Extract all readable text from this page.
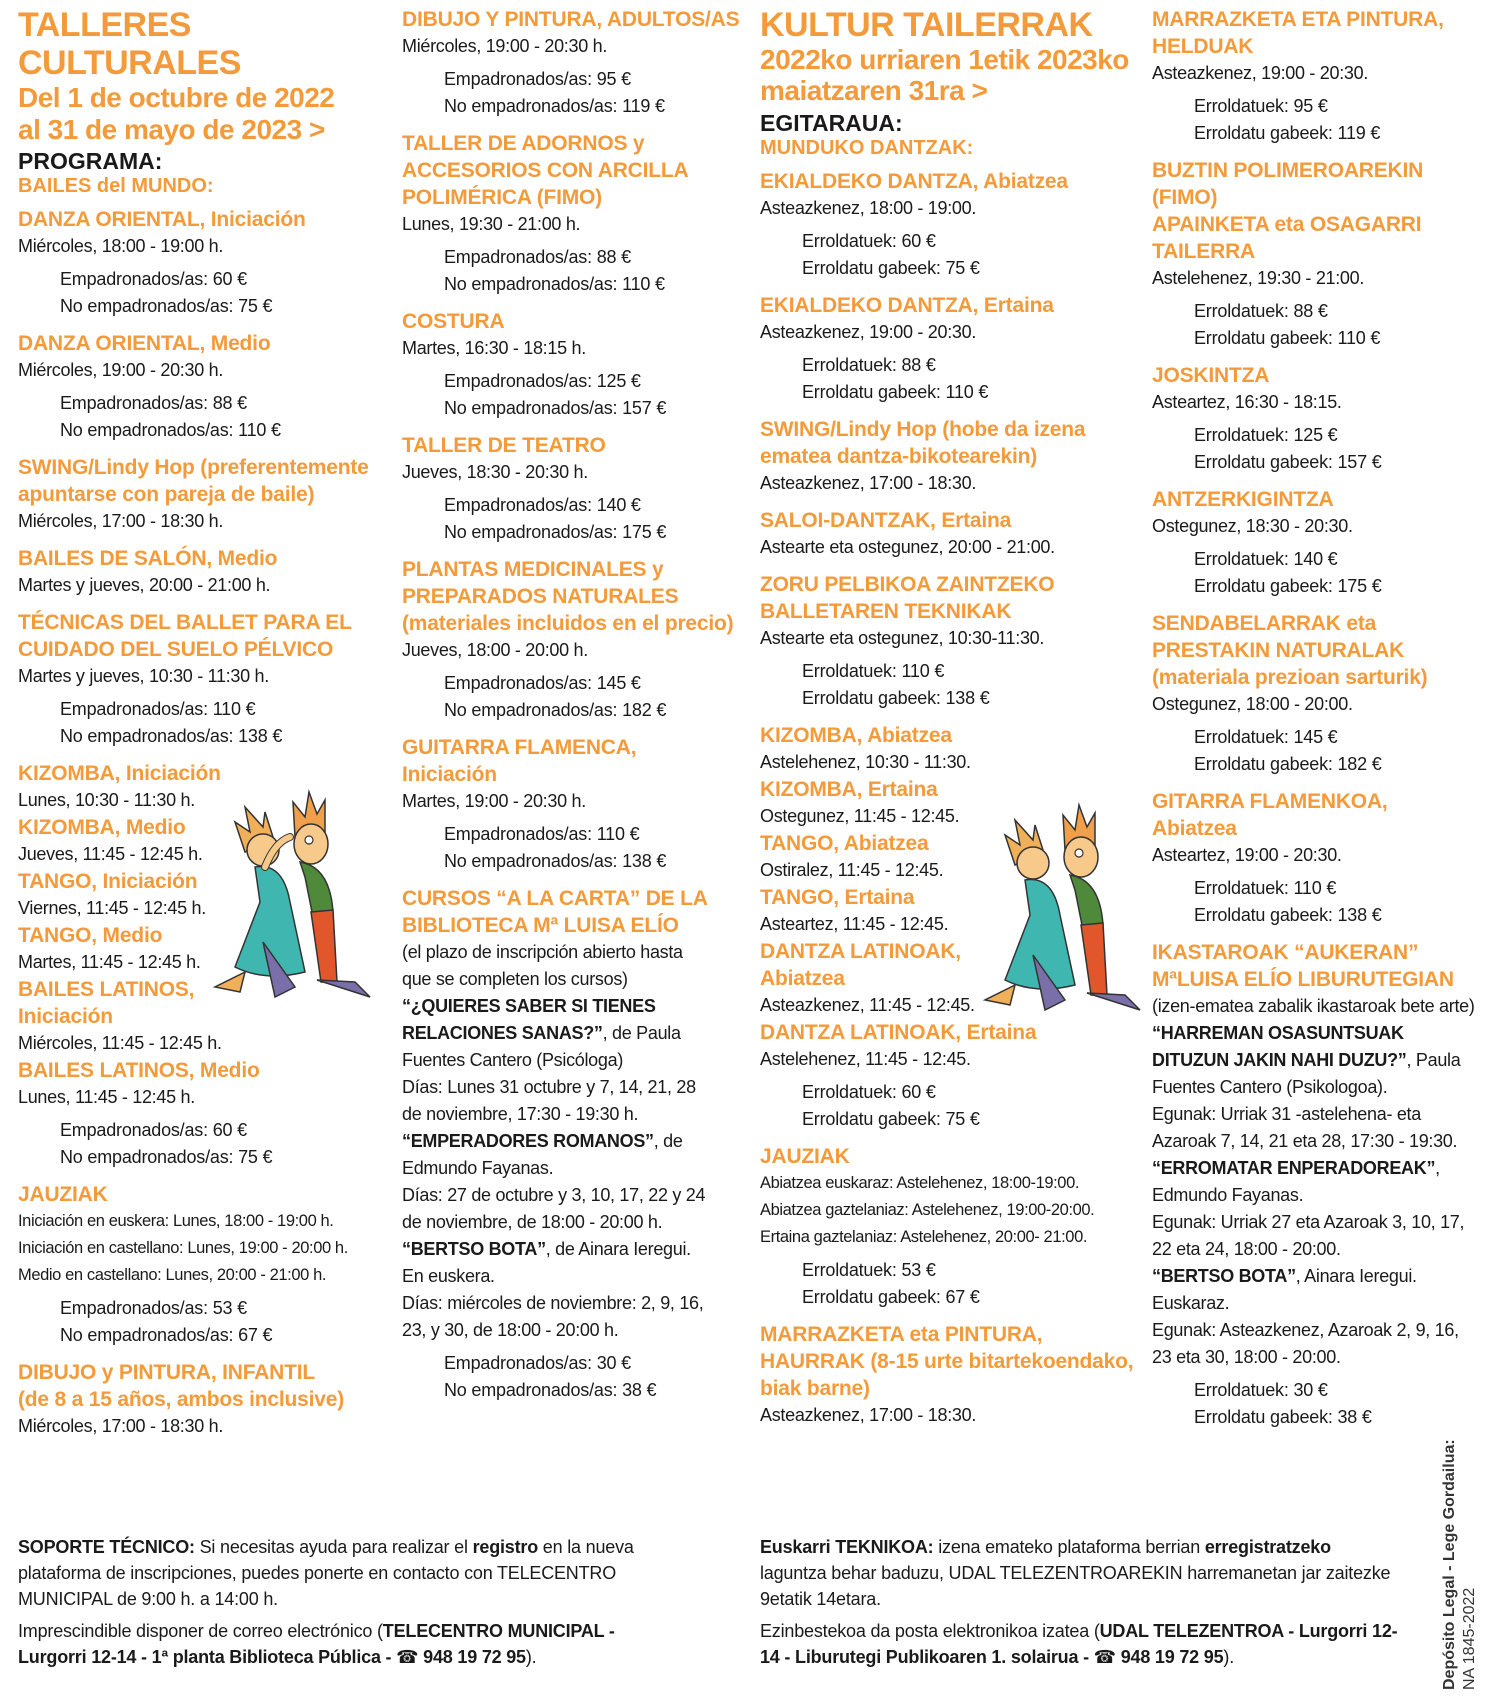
TALLERES CULTURALES
Del 1 de octubre de 2022
al 31 de mayo de 2023 >
PROGRAMA:
BAILES del MUNDO:
DANZA ORIENTAL, Iniciación
Miércoles, 18:00 - 19:00 h.
Empadronados/as: 60 €
No empadronados/as: 75 €
DANZA ORIENTAL, Medio
Miércoles, 19:00 - 20:30 h.
Empadronados/as: 88 €
No empadronados/as: 110 €
SWING/Lindy Hop (preferentemente
apuntarse con pareja de baile)
Miércoles, 17:00 - 18:30 h.
BAILES DE SALÓN, Medio
Martes y jueves, 20:00 - 21:00 h.
TÉCNICAS DEL BALLET PARA EL
CUIDADO DEL SUELO PÉLVICO
Martes y jueves, 10:30 - 11:30 h.
Empadronados/as: 110 €
No empadronados/as: 138 €
KIZOMBA, Iniciación
Lunes, 10:30 - 11:30 h.
KIZOMBA, Medio
Jueves, 11:45 - 12:45 h.
TANGO, Iniciación
Viernes, 11:45 - 12:45 h.
TANGO, Medio
Martes, 11:45 - 12:45 h.
BAILES LATINOS,
Iniciación
Miércoles, 11:45 - 12:45 h.
BAILES LATINOS, Medio
Lunes, 11:45 - 12:45 h.
Empadronados/as: 60 €
No empadronados/as: 75 €
JAUZIAK
Iniciación en euskera: Lunes, 18:00 - 19:00 h.
Iniciación en castellano: Lunes, 19:00 - 20:00 h.
Medio en castellano: Lunes, 20:00 - 21:00 h.
Empadronados/as: 53 €
No empadronados/as: 67 €
DIBUJO y PINTURA, INFANTIL
(de 8 a 15 años, ambos inclusive)
Miércoles, 17:00 - 18:30 h.
DIBUJO Y PINTURA, ADULTOS/AS
Miércoles, 19:00 - 20:30 h.
Empadronados/as: 95 €
No empadronados/as: 119 €
TALLER DE ADORNOS y
ACCESORIOS CON ARCILLA
POLIMÉRICA (FIMO)
Lunes, 19:30 - 21:00 h.
Empadronados/as: 88 €
No empadronados/as: 110 €
COSTURA
Martes, 16:30 - 18:15 h.
Empadronados/as: 125 €
No empadronados/as: 157 €
TALLER DE TEATRO
Jueves, 18:30 - 20:30 h.
Empadronados/as: 140 €
No empadronados/as: 175 €
PLANTAS MEDICINALES y
PREPARADOS NATURALES
(materiales incluidos en el precio)
Jueves, 18:00 - 20:00 h.
Empadronados/as: 145 €
No empadronados/as: 182 €
GUITARRA FLAMENCA,
Iniciación
Martes, 19:00 - 20:30 h.
Empadronados/as: 110 €
No empadronados/as: 138 €
CURSOS “A LA CARTA” DE LA
BIBLIOTECA Mª LUISA ELÍO
(el plazo de inscripción abierto hasta
que se completen los cursos)
“¿QUIERES SABER SI TIENES
RELACIONES SANAS?”, de Paula
Fuentes Cantero (Psicóloga)
Días: Lunes 31 octubre y 7, 14, 21, 28
de noviembre, 17:30 - 19:30 h.
“EMPERADORES ROMANOS”, de
Edmundo Fayanas.
Días: 27 de octubre y 3, 10, 17, 22 y 24
de noviembre, de 18:00 - 20:00 h.
“BERTSO BOTA”, de Ainara Ieregui.
En euskera.
Días: miércoles de noviembre: 2, 9, 16,
23, y 30, de 18:00 - 20:00 h.
Empadronados/as: 30 €
No empadronados/as: 38 €
KULTUR TAILERRAK
2022ko urriaren 1etik 2023ko
maiatzaren 31ra >
EGITARAUA:
MUNDUKO DANTZAK:
EKIALDEKO DANTZA, Abiatzea
Asteazkenez, 18:00 - 19:00.
Erroldatuek: 60 €
Erroldatu gabeek: 75 €
EKIALDEKO DANTZA, Ertaina
Asteazkenez, 19:00 - 20:30.
Erroldatuek: 88 €
Erroldatu gabeek: 110 €
SWING/Lindy Hop (hobe da izena
ematea dantza-bikotearekin)
Asteazkenez, 17:00 - 18:30.
SALOI-DANTZAK, Ertaina
Astearte eta ostegunez, 20:00 - 21:00.
ZORU PELBIKOA ZAINTZEKO
BALLETAREN TEKNIKAK
Astearte eta ostegunez, 10:30-11:30.
Erroldatuek: 110 €
Erroldatu gabeek: 138 €
KIZOMBA, Abiatzea
Astelehenez, 10:30 - 11:30.
KIZOMBA, Ertaina
Ostegunez, 11:45 - 12:45.
TANGO, Abiatzea
Ostiralez, 11:45 - 12:45.
TANGO, Ertaina
Asteartez, 11:45 - 12:45.
DANTZA LATINOAK,
Abiatzea
Asteazkenez, 11:45 - 12:45.
DANTZA LATINOAK, Ertaina
Astelehenez, 11:45 - 12:45.
Erroldatuek: 60 €
Erroldatu gabeek: 75 €
JAUZIAK
Abiatzea euskaraz: Astelehenez, 18:00-19:00.
Abiatzea gaztelaniaz: Astelehenez, 19:00-20:00.
Ertaina gaztelaniaz: Astelehenez, 20:00- 21:00.
Erroldatuek: 53 €
Erroldatu gabeek: 67 €
MARRAZKETA eta PINTURA,
HAURRAK (8-15 urte bitartekoendako,
biak barne)
Asteazkenez, 17:00 - 18:30.
MARRAZKETA ETA PINTURA,
HELDUAK
Asteazkenez, 19:00 - 20:30.
Erroldatuek: 95 €
Erroldatu gabeek: 119 €
BUZTIN POLIMEROAREKIN (FIMO)
APAINKETA eta OSAGARRI TAILERRA
Astelehenez, 19:30 - 21:00.
Erroldatuek: 88 €
Erroldatu gabeek: 110 €
JOSKINTZA
Asteartez, 16:30 - 18:15.
Erroldatuek: 125 €
Erroldatu gabeek: 157 €
ANTZERKIGINTZA
Ostegunez, 18:30 - 20:30.
Erroldatuek: 140 €
Erroldatu gabeek: 175 €
SENDABELARRAK eta
PRESTAKIN NATURALAK
(materiala prezioan sarturik)
Ostegunez, 18:00 - 20:00.
Erroldatuek: 145 €
Erroldatu gabeek: 182 €
GITARRA FLAMENKOA,
Abiatzea
Asteartez, 19:00 - 20:30.
Erroldatuek: 110 €
Erroldatu gabeek: 138 €
IKASTAROAK “AUKERAN”
MªLUISA ELÍO LIBURUTEGIAN
(izen-ematea zabalik ikastaroak bete arte)
“HARREMAN OSASUNTSUAK
DITUZUN JAKIN NAHI DUZU?”, Paula
Fuentes Cantero (Psikologoa).
Egunak: Urriak 31 -astelehena- eta
Azaroak 7, 14, 21 eta 28, 17:30 - 19:30.
“ERROMATAR ENPERADOREAK”,
Edmundo Fayanas.
Egunak: Urriak 27 eta Azaroak 3, 10, 17,
22 eta 24, 18:00 - 20:00.
“BERTSO BOTA”, Ainara Ieregui.
Euskaraz.
Egunak: Asteazkenez, Azaroak 2, 9, 16,
23 eta 30, 18:00 - 20:00.
Erroldatuek: 30 €
Erroldatu gabeek: 38 €
SOPORTE TÉCNICO: Si necesitas ayuda para realizar el registro en la nueva plataforma de inscripciones, puedes ponerte en contacto con TELECENTRO MUNICIPAL de 9:00 h. a 14:00 h.
Imprescindible disponer de correo electrónico (TELECENTRO MUNICIPAL - Lurgorri 12-14 - 1ª planta Biblioteca Pública - ☎ 948 19 72 95).
Euskarri TEKNIKOA: izena emateko plataforma berrian erregistratzeko laguntza behar baduzu, UDAL TELEZENTROAREKIN harremanetan jar zaitezke 9etatik 14etara.
Ezinbestekoa da posta elektronikoa izatea (UDAL TELEZENTROA - Lurgorri 12-14 - Liburutegi Publikoaren 1. solairua - ☎ 948 19 72 95).	Depósito Legal - Lege Gordailua: NA 1845-2022
